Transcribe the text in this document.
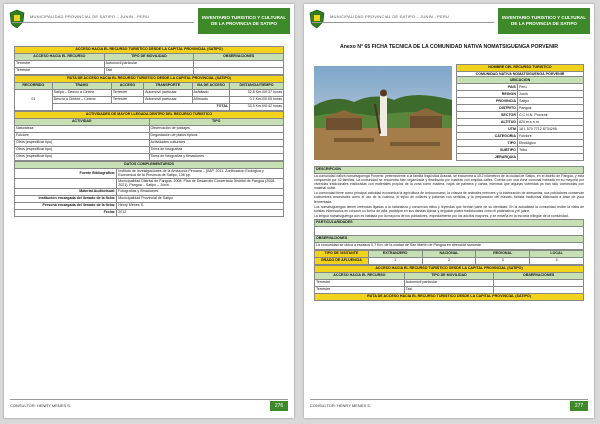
MUNICIPALIDAD PROVINCIAL DE SATIPO – JUNIN - PERU	INVENTARIO TURISTICO Y CULTURAL DE LA PROVINCIA DE SATIPO
ACCESO HACIA EL RECURSO TURISTICO DESDE LA CAPITAL PROVINCIAL (SATIPO)		
ACCESO HACIA EL RECURSO	TIPO DE MOVILIDAD	OBSERVACIONES
Terrestre	Automóvil particular	
Terrestre	Taxi	
RUTA DE ACCESO HACIA EL RECURSO TURISTICO DESDE LA CAPITAL PROVINCIAL (SATIPO)					
RECORRIDO	TRAMO	ACCESO	TRANSPORTE	VIA DE ACCESO	DISTANCIA/TIEMPO
01	Satipo – Desvío a Ciriene	Terrestre	Automóvil particular	Asfaltado	32.8 Km./00:37 horas
	Desvío a Ciriene – Ciriene	Terrestre	Automóvil particular	Afirmado	0.7 Km./00:05 horas
	TOTAL				33.5 Km./00:42 horas
ACTIVIDADES DE MAYOR LLEGADA DENTRO DEL RECURSO TURISTICO	
ACTIVIDAD	TIPO
Naturaleza	Observación de paisajes
Folclore	Degustación de platos típicos
Otros (especificar tipo)	Actividades culturales
Otros (especificar tipo)	Toma de fotografías
Otros (especificar tipo)	Toma de fotografías y filmaciones
DATOS COMPLEMENTARIOS	
Fuente Bibliográfica:	Instituto de Investigaciones de la Amazonía Peruana – (IIAP, 2011. Zonificación Ecológica y Económica de la Provincia de Satipo, 106 pp.
	Municipalidad Distrital de Pangoa. 2008. Plan de Desarrollo Concertado Distrital de Pangoa (2008-2021). Pangoa – Satipo – Junín.
Material Audiovisual:	Fotografías y filmaciones
Institución encargada del llenado de la ficha:	Municipalidad Provincial de Satipo
Persona encargada del llenado de la ficha:	Henry Menes S.
Fecha:	2012
CONSULTOR: HENRY MENES S.	276
MUNICIPALIDAD PROVINCIAL DE SATIPO – JUNIN - PERU	INVENTARIO TURISTICO Y CULTURAL DE LA PROVINCIA DE SATIPO
Anexo N° 65 FICHA TECNICA DE LA COMUNIDAD NATIVA NOMATSIGUENGA PORVENIR
NOMBRE DEL RECURSO TURISTICO	
COMUNIDAD NATIVA NOMATSIGUENGA PORVENIR	
UBICACION	
PAIS	Perú
REGION	Junín
PROVINCIA	Satipo
DISTRITO	Pangoa
SECTOR	C.C.N.N. Porvenir
ALTITUD	820 m.s.n.m.
UTM	18 L 570 7712 8734295
CATEGORIA	Folclore
TIPO	Etnológico
SUBTIPO	Tribu
JERARQUIA	
DESCRIPCION

La comunidad nativa nomatsiguenga Porvenir, perteneciente a la familia lingüística Arawak, se encuentra a 40.2 kilómetros de la ciudad de Satipo, en el distrito de Pangoa, y está compuesta por 42 familias. La comunidad se encuentra bien organizada y distribuida por cuadras con amplias calles. Cuenta con una zona comunal rodeada en su mayoría por viviendas tradicionales elaboradas con materiales propios de la zona como madera, hojas de palmera y cañas, mientras que algunas viviendas ya han sido construidas con material noble.

La comunidad tiene como principal actividad económica la agricultura de autoconsumo, la crianza de animales menores y la elaboración de artesanías; sus pobladores conservan costumbres ancestrales como el uso de la cushma, el tejido de collares y pulseras con semillas, y la preparación del masato, bebida tradicional elaborada a base de yuca fermentada.

Los nomatsiguengas tienen creencias ligadas a la naturaleza y conservan mitos y leyendas que forman parte de su identidad. En la actualidad la comunidad recibe la visita de turistas interesados en conocer su forma de vida, participar en sus danzas típicas y degustar platos tradicionales como el patarashca y el juane.

La lengua nomatsiguenga aún es hablada por la mayoría de los pobladores, especialmente por los adultos mayores, y se enseña en la escuela bilingüe de la comunidad.

PARTICULARIDADES

OBSERVACIONES
La comunidad se ubica a escasos 0.7 Km. de la ciudad de San Martín de Pangoa en dirección suroeste.
TIPO DE VISITANTE	EXTRANJERO	NACIONAL	REGIONAL	LOCAL
GRADO DE AFLUENCIA	1	2	3	4
ACCESO HACIA EL RECURSO TURISTICO DESDE LA CAPITAL PROVINCIAL (SATIPO)		
ACCESO HACIA EL RECURSO	TIPO DE MOVILIDAD	OBSERVACIONES
Terrestre	Automóvil particular	
Terrestre	Taxi	
RUTA DE ACCESO HACIA EL RECURSO TURISTICO DESDE LA CAPITAL PROVINCIAL (SATIPO)		
CONSULTOR: HENRY MENES S.	277
